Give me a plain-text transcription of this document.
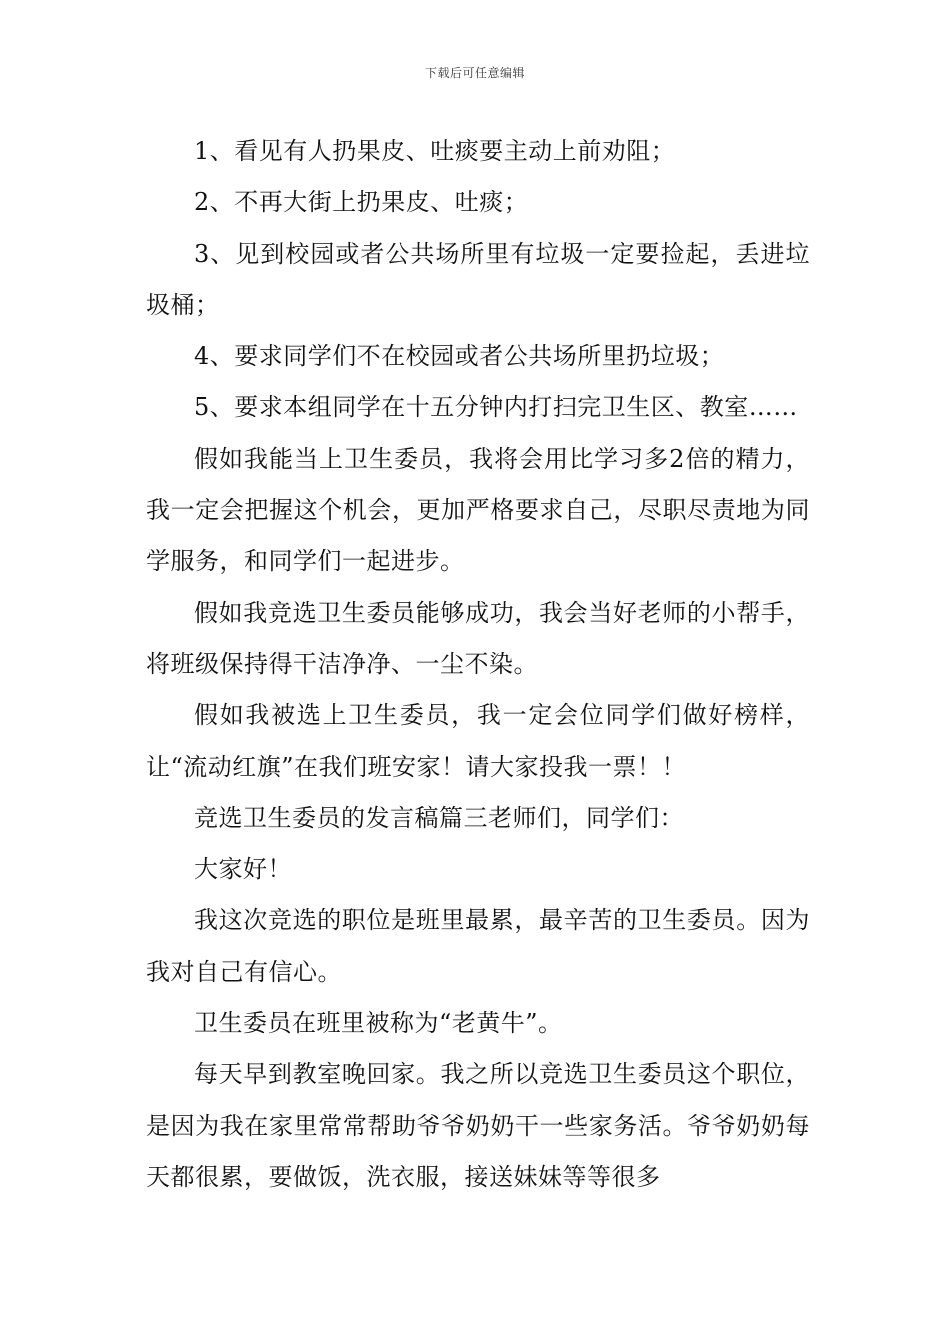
下载后可任意编辑

1、看见有人扔果皮、吐痰要主动上前劝阻；

2、不再大街上扔果皮、吐痰；

3、见到校园或者公共场所里有垃圾一定要捡起，丢进垃圾桶；

4、要求同学们不在校园或者公共场所里扔垃圾；

5、要求本组同学在十五分钟内打扫完卫生区、教室……

假如我能当上卫生委员，我将会用比学习多2倍的精力，我一定会把握这个机会，更加严格要求自己，尽职尽责地为同学服务，和同学们一起进步。

假如我竞选卫生委员能够成功，我会当好老师的小帮手，将班级保持得干洁净净、一尘不染。

假如我被选上卫生委员，我一定会位同学们做好榜样，让“流动红旗”在我们班安家！请大家投我一票！！

竞选卫生委员的发言稿篇三老师们，同学们：

大家好！

我这次竞选的职位是班里最累，最辛苦的卫生委员。因为我对自己有信心。

卫生委员在班里被称为“老黄牛”。

每天早到教室晚回家。我之所以竞选卫生委员这个职位，是因为我在家里常常帮助爷爷奶奶干一些家务活。爷爷奶奶每天都很累，要做饭，洗衣服，接送妹妹等等很多
